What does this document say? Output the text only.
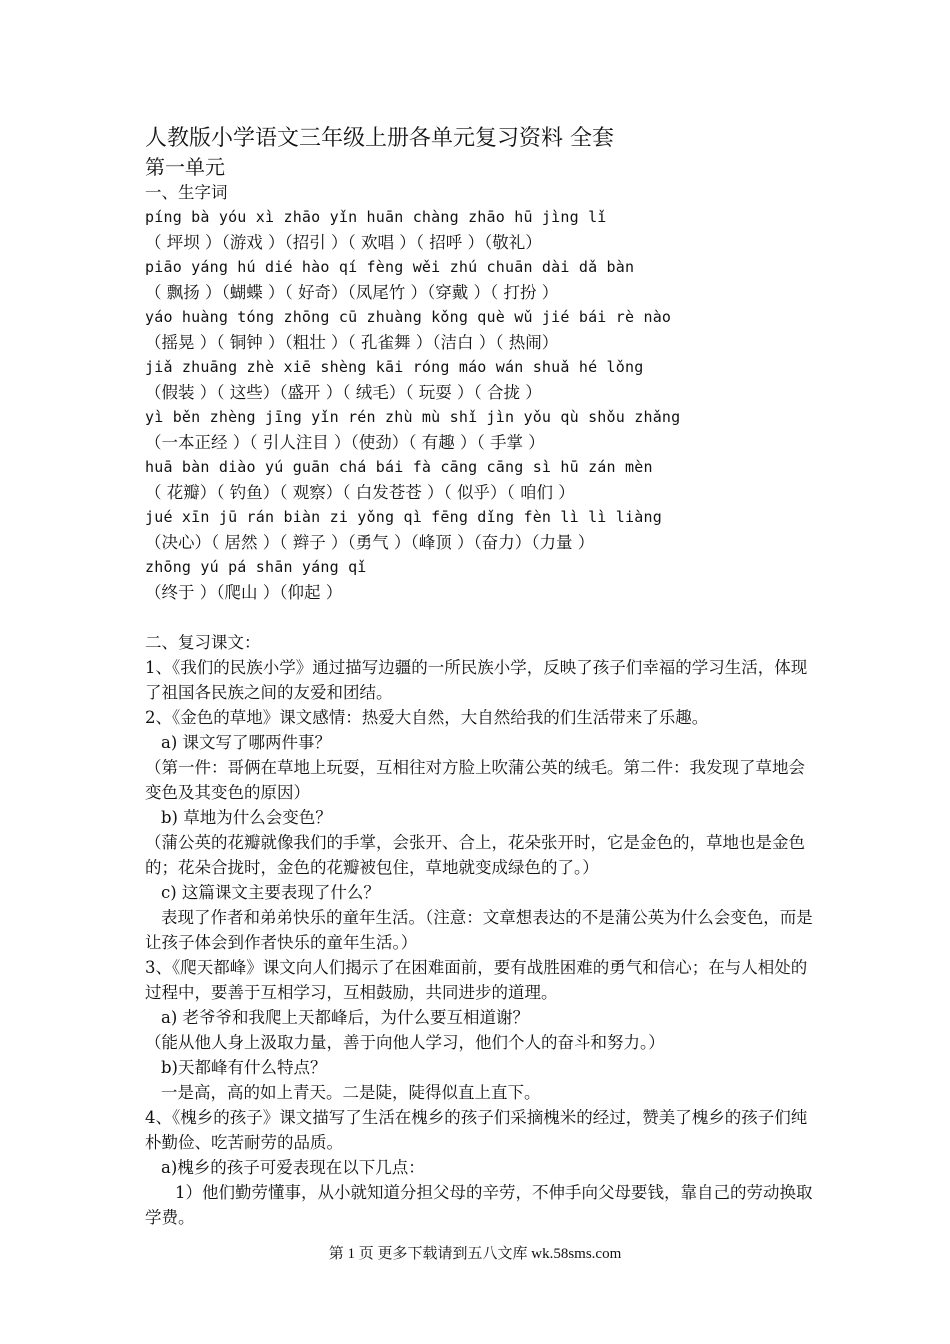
人教版小学语文三年级上册各单元复习资料 全套
第一单元
一、生字词
píng bà yóu xì zhāo yǐn huān chàng zhāo hū jìng lǐ
（ 坪坝 ）（游戏 ）（招引 ）（ 欢唱 ）（ 招呼 ）（敬礼）
piāo yáng hú dié hào qí fèng wěi zhú chuān dài dǎ bàn
（ 飘扬 ）（蝴蝶 ）（ 好奇）（凤尾竹 ）（穿戴 ）（ 打扮 ）
yáo huàng tóng zhōng cū zhuàng kǒng què wǔ jié bái rè nào
（摇晃 ）（ 铜钟 ）（粗壮 ）（ 孔雀舞 ）（洁白 ）（ 热闹）
jiǎ zhuāng zhè xiē shèng kāi róng máo wán shuǎ hé lǒng
（假装 ）（ 这些）（盛开 ）（ 绒毛）（ 玩耍 ）（ 合拢 ）
yì běn zhèng jīng yǐn rén zhù mù shǐ jìn yǒu qù shǒu zhǎng
（一本正经 ）（ 引人注目 ）（使劲）（ 有趣 ）（ 手掌 ）
huā bàn diào yú guān chá bái fà cāng cāng sì hū zán mèn
（ 花瓣）（ 钓鱼）（ 观察）（ 白发苍苍 ）（ 似乎）（ 咱们 ）
jué xīn jū rán biàn zi yǒng qì fēng dǐng fèn lì lì liàng
（决心）（ 居然 ）（ 辫子 ）（勇气 ）（峰顶 ）（奋力）（力量 ）
zhōng yú pá shān yáng qǐ
（终于 ）（爬山 ）（仰起 ）
二、复习课文：
1、《我们的民族小学》通过描写边疆的一所民族小学，反映了孩子们幸福的学习生活，体现了祖国各民族之间的友爱和团结。
2、《金色的草地》课文感情：热爱大自然，大自然给我的们生活带来了乐趣。
a) 课文写了哪两件事？
（第一件：哥俩在草地上玩耍，互相往对方脸上吹蒲公英的绒毛。第二件：我发现了草地会变色及其变色的原因）
b) 草地为什么会变色？
（蒲公英的花瓣就像我们的手掌，会张开、合上，花朵张开时，它是金色的，草地也是金色的；花朵合拢时，金色的花瓣被包住，草地就变成绿色的了。）
c) 这篇课文主要表现了什么？
表现了作者和弟弟快乐的童年生活。（注意：文章想表达的不是蒲公英为什么会变色，而是让孩子体会到作者快乐的童年生活。）
3、《爬天都峰》课文向人们揭示了在困难面前，要有战胜困难的勇气和信心；在与人相处的过程中，要善于互相学习，互相鼓励，共同进步的道理。
a) 老爷爷和我爬上天都峰后，为什么要互相道谢？
（能从他人身上汲取力量，善于向他人学习，他们个人的奋斗和努力。）
b)天都峰有什么特点？
一是高，高的如上青天。二是陡，陡得似直上直下。
4、《槐乡的孩子》课文描写了生活在槐乡的孩子们采摘槐米的经过，赞美了槐乡的孩子们纯朴勤俭、吃苦耐劳的品质。
a)槐乡的孩子可爱表现在以下几点：
1）他们勤劳懂事，从小就知道分担父母的辛劳，不伸手向父母要钱，靠自己的劳动换取学费。
第 1 页 更多下载请到五八文库 wk.58sms.com
